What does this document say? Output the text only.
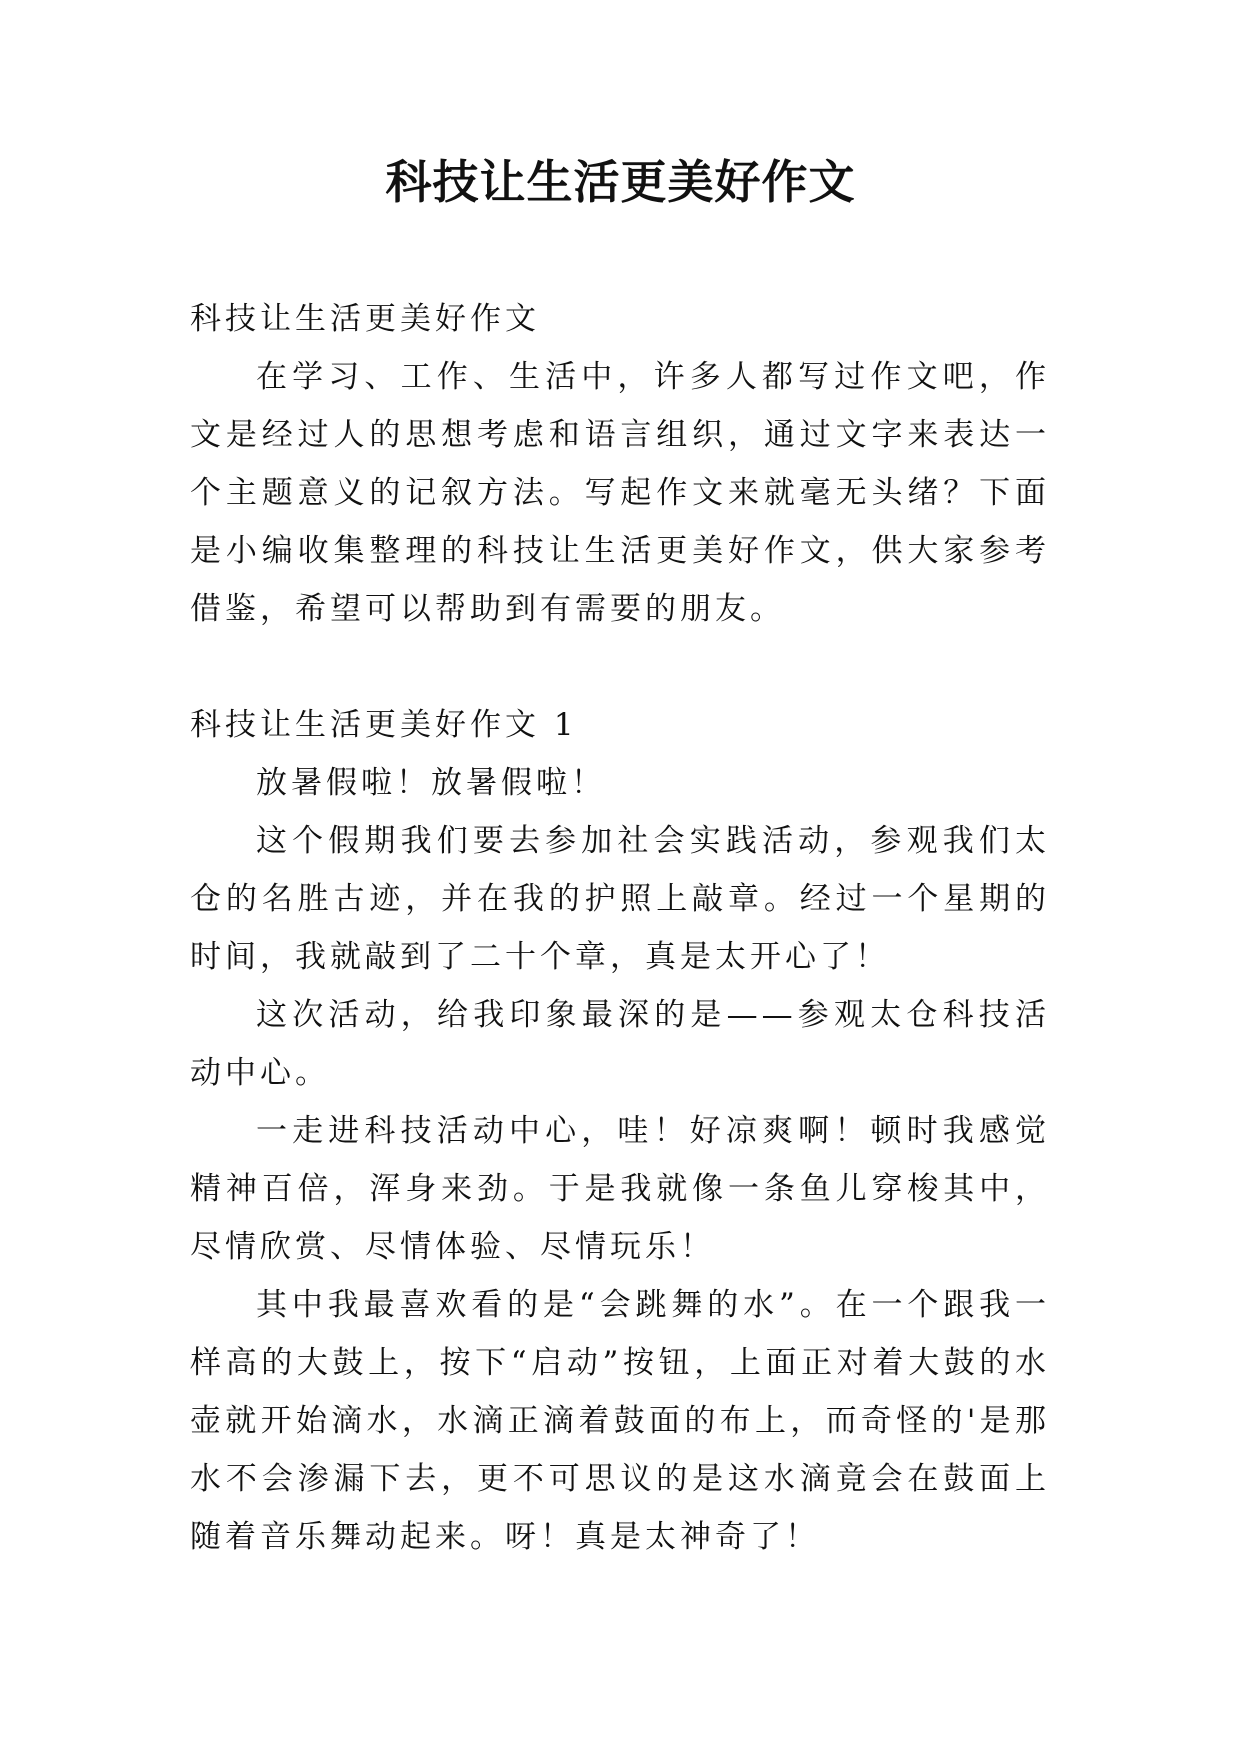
科技让生活更美好作文

科技让生活更美好作文

在学习、工作、生活中，许多人都写过作文吧，作文是经过人的思想考虑和语言组织，通过文字来表达一个主题意义的记叙方法。写起作文来就毫无头绪？下面是小编收集整理的科技让生活更美好作文，供大家参考借鉴，希望可以帮助到有需要的朋友。

科技让生活更美好作文 1

放暑假啦！放暑假啦！

这个假期我们要去参加社会实践活动，参观我们太仓的名胜古迹，并在我的护照上敲章。经过一个星期的时间，我就敲到了二十个章，真是太开心了！

这次活动，给我印象最深的是——参观太仓科技活动中心。

一走进科技活动中心，哇！好凉爽啊！顿时我感觉精神百倍，浑身来劲。于是我就像一条鱼儿穿梭其中，尽情欣赏、尽情体验、尽情玩乐！

其中我最喜欢看的是“会跳舞的水”。在一个跟我一样高的大鼓上，按下“启动”按钮，上面正对着大鼓的水壶就开始滴水，水滴正滴着鼓面的布上，而奇怪的'是那水不会渗漏下去，更不可思议的是这水滴竟会在鼓面上随着音乐舞动起来。呀！真是太神奇了！
